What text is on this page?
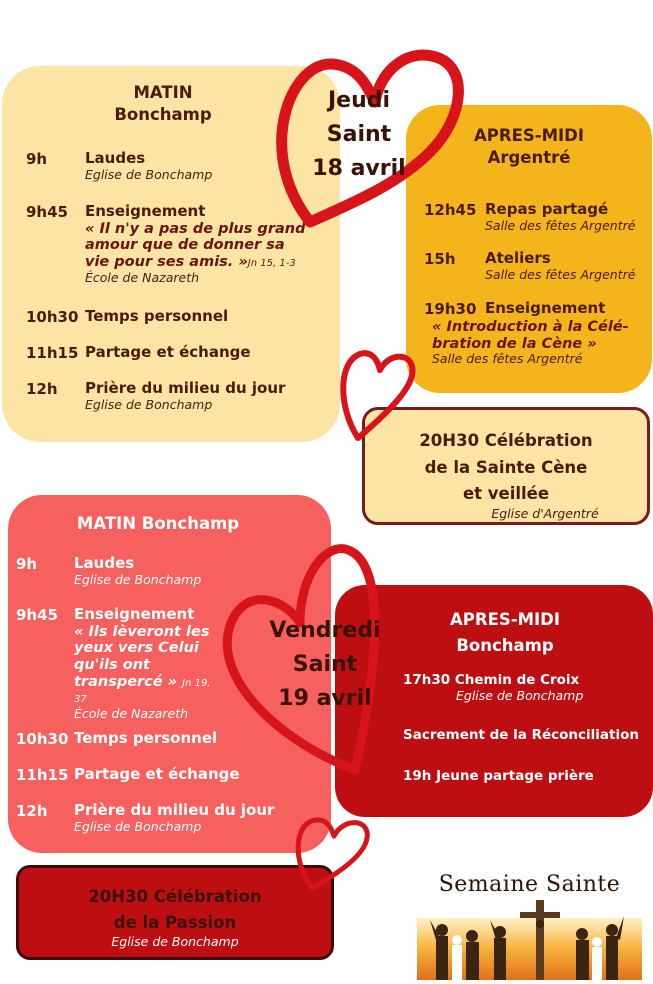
MATIN
Bonchamp
9h	Laudes
Eglise de Bonchamp
9h45 Enseignement
« Il n'y a pas de plus grand amour que de donner sa vie pour ses amis. »Jn 15, 1-3
École de Nazareth
10h30 Temps personnel
11h15 Partage et échange
12h Prière du milieu du jour
Eglise de Bonchamp
APRES-MIDI
Argentré
12h45 Repas partagé
Salle des fêtes Argentré
15h Ateliers
Salle des fêtes Argentré
19h30 Enseignement
« Introduction à la Célé-bration de la Cène »
Salle des fêtes Argentré
20H30 Célébration
de la Sainte Cène
et veillée
Eglise d'Argentré
Jeudi
Saint
18 avril
MATIN Bonchamp
9h Laudes
Eglise de Bonchamp
9h45 Enseignement
« Ils lèveront les yeux vers Celui qu'ils ont transpercé » Jn 19, 37
École de Nazareth
10h30 Temps personnel
11h15 Partage et échange
12h Prière du milieu du jour
Eglise de Bonchamp
APRES-MIDI
Bonchamp
17h30 Chemin de Croix
Eglise de Bonchamp
Sacrement de la Réconciliation
19h Jeune partage prière
20H30 Célébration
de la Passion
Eglise de Bonchamp
Vendredi
Saint
19 avril
Semaine Sainte
